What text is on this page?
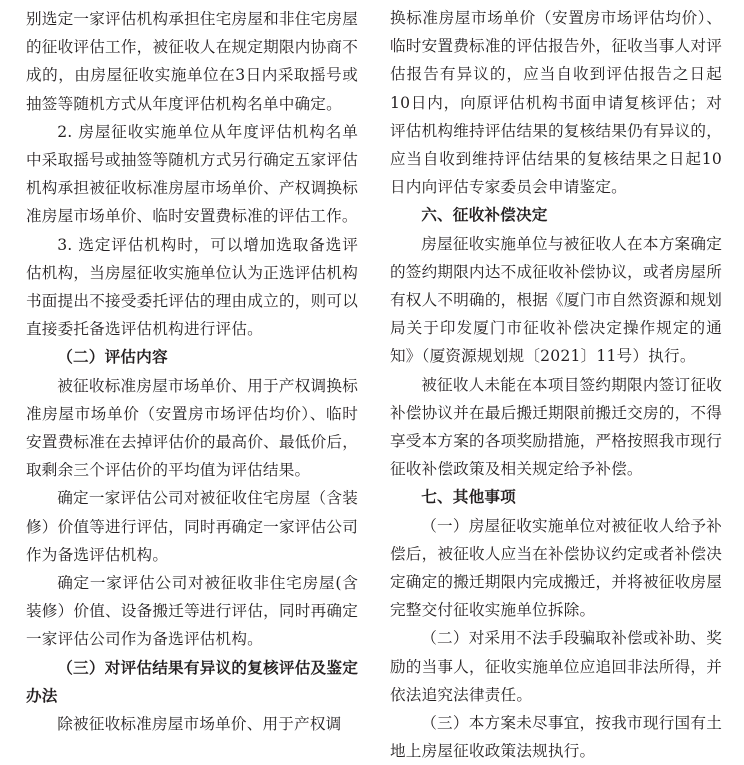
别选定一家评估机构承担住宅房屋和非住宅房屋的征收评估工作，被征收人在规定期限内协商不成的，由房屋征收实施单位在3日内采取摇号或抽签等随机方式从年度评估机构名单中确定。

2. 房屋征收实施单位从年度评估机构名单中采取摇号或抽签等随机方式另行确定五家评估机构承担被征收标准房屋市场单价、产权调换标准房屋市场单价、临时安置费标准的评估工作。

3. 选定评估机构时，可以增加选取备选评估机构，当房屋征收实施单位认为正选评估机构书面提出不接受委托评估的理由成立的，则可以直接委托备选评估机构进行评估。

（二）评估内容

被征收标准房屋市场单价、用于产权调换标准房屋市场单价（安置房市场评估均价）、临时安置费标准在去掉评估价的最高价、最低价后，取剩余三个评估价的平均值为评估结果。

确定一家评估公司对被征收住宅房屋（含装修）价值等进行评估，同时再确定一家评估公司作为备选评估机构。

确定一家评估公司对被征收非住宅房屋(含装修）价值、设备搬迁等进行评估，同时再确定一家评估公司作为备选评估机构。

（三）对评估结果有异议的复核评估及鉴定办法

除被征收标准房屋市场单价、用于产权调

换标准房屋市场单价（安置房市场评估均价）、临时安置费标准的评估报告外，征收当事人对评估报告有异议的，应当自收到评估报告之日起10日内，向原评估机构书面申请复核评估；对评估机构维持评估结果的复核结果仍有异议的，应当自收到维持评估结果的复核结果之日起10日内向评估专家委员会申请鉴定。

六、征收补偿决定

房屋征收实施单位与被征收人在本方案确定的签约期限内达不成征收补偿协议，或者房屋所有权人不明确的，根据《厦门市自然资源和规划局关于印发厦门市征收补偿决定操作规定的通知》（厦资源规划规〔2021〕11号）执行。

被征收人未能在本项目签约期限内签订征收补偿协议并在最后搬迁期限前搬迁交房的，不得享受本方案的各项奖励措施，严格按照我市现行征收补偿政策及相关规定给予补偿。

七、其他事项

（一）房屋征收实施单位对被征收人给予补偿后，被征收人应当在补偿协议约定或者补偿决定确定的搬迁期限内完成搬迁，并将被征收房屋完整交付征收实施单位拆除。

（二）对采用不法手段骗取补偿或补助、奖励的当事人，征收实施单位应追回非法所得，并依法追究法律责任。

（三）本方案未尽事宜，按我市现行国有土地上房屋征收政策法规执行。
